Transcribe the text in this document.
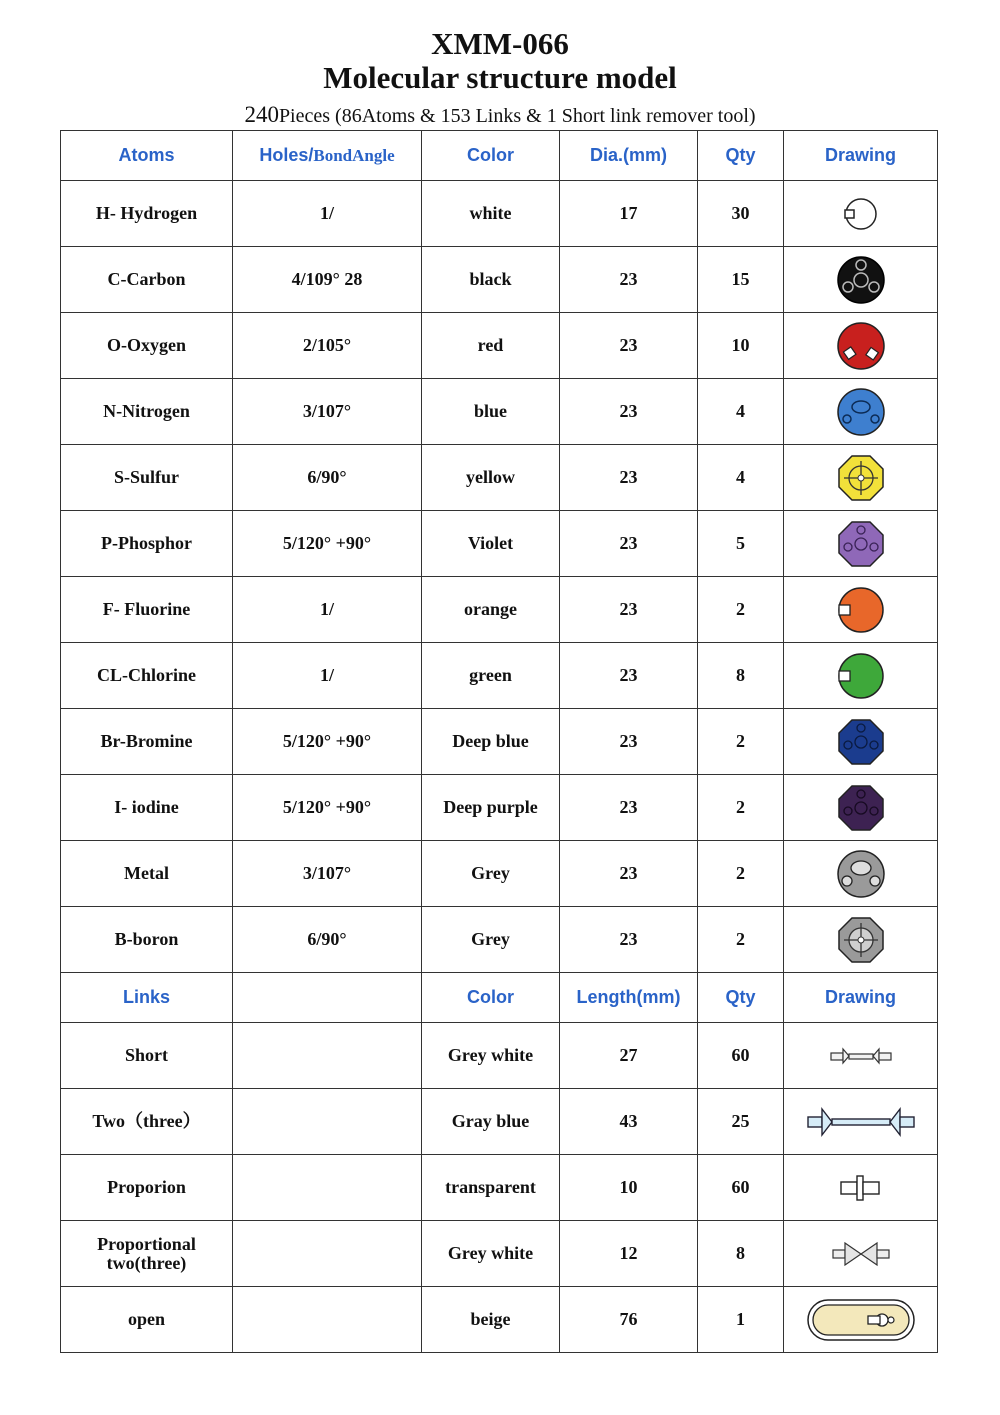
XMM-066
Molecular structure model
240Pieces (86Atoms & 153 Links & 1 Short link remover tool)
Atoms	Holes/BondAngle	Color	Dia.(mm)	Qty	Drawing
H- Hydrogen	1/	white	17	30	

C-Carbon	4/109° 28	black	23	15	

O-Oxygen	2/105°	red	23	10	

N-Nitrogen	3/107°	blue	23	4	

S-Sulfur	6/90°	yellow	23	4	

P-Phosphor	5/120° +90°	Violet	23	5	

F- Fluorine	1/	orange	23	2	

CL-Chlorine	1/	green	23	8	

Br-Bromine	5/120° +90°	Deep blue	23	2	

I- iodine	5/120° +90°	Deep purple	23	2	

Metal	3/107°	Grey	23	2	

B-boron	6/90°	Grey	23	2	

Links		Color	Length(mm)	Qty	Drawing
Short		Grey white	27	60	

Two（three）		Gray blue	43	25	

Proporion		transparent	10	60	

Proportional two(three)		Grey white	12	8	

open		beige	76	1	
